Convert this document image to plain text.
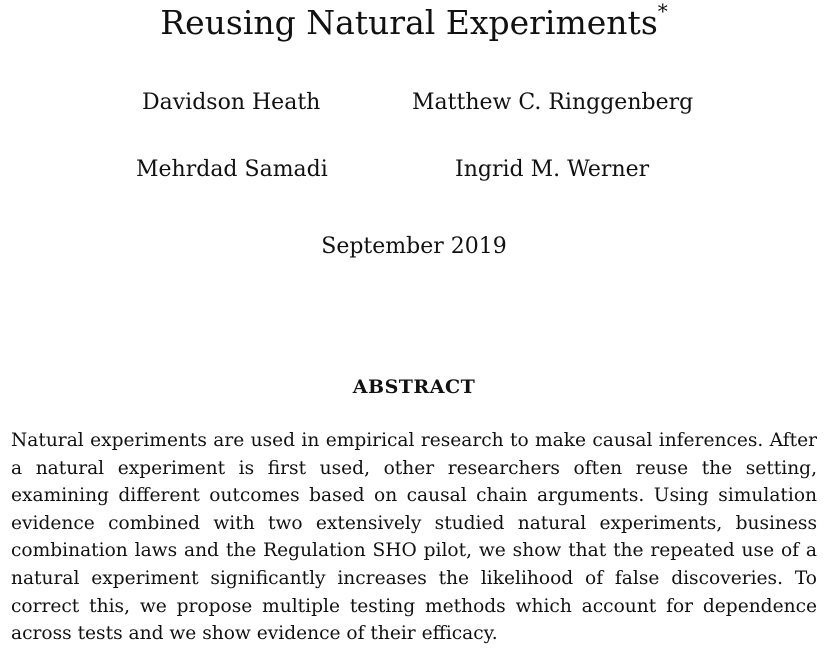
Reusing Natural Experiments*
Davidson Heath	Matthew C. Ringgenberg
Mehrdad Samadi	Ingrid M. Werner
September 2019
ABSTRACT

Natural experiments are used in empirical research to make causal inferences. After a natural experiment is first used, other researchers often reuse the setting, examining different outcomes based on causal chain arguments. Using simulation evidence combined with two extensively studied natural experiments, business combination laws and the Regulation SHO pilot, we show that the repeated use of a natural experiment significantly increases the likelihood of false discoveries. To correct this, we propose multiple testing methods which account for dependence across tests and we show evidence of their efficacy.
